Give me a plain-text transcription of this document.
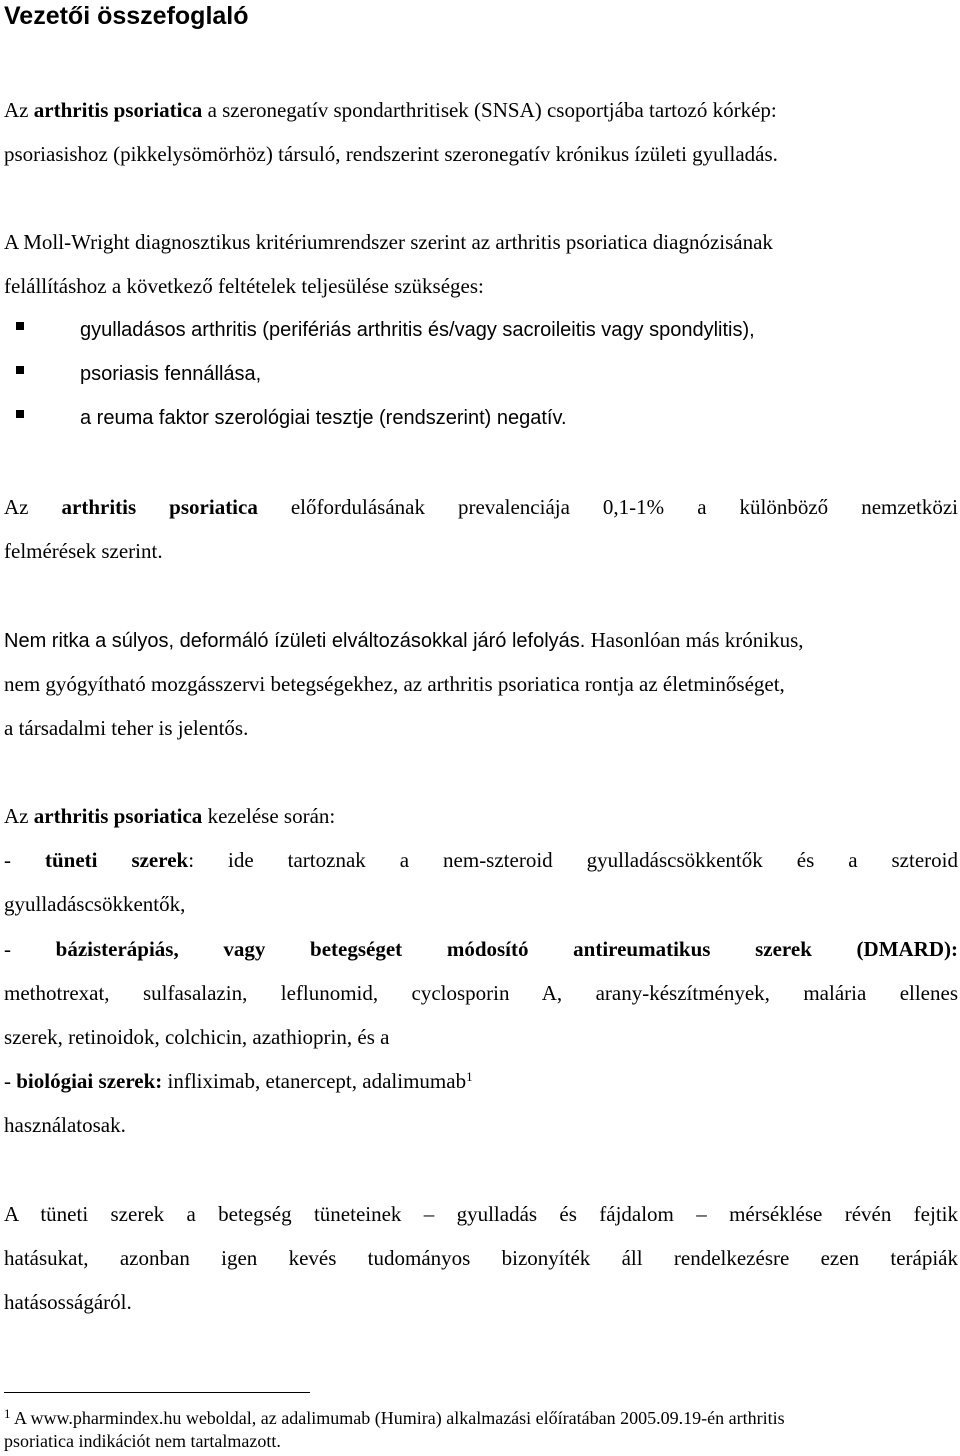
Vezetői összefoglaló
Az arthritis psoriatica a szeronegatív spondarthritisek (SNSA) csoportjába tartozó kórkép:
psoriasishoz (pikkelysömörhöz) társuló, rendszerint szeronegatív krónikus ízületi gyulladás.
A Moll-Wright diagnosztikus kritériumrendszer szerint az arthritis psoriatica diagnózisának
felállításhoz a következő feltételek teljesülése szükséges:
gyulladásos arthritis (perifériás arthritis és/vagy sacroileitis vagy spondylitis),
psoriasis fennállása,
a reuma faktor szerológiai tesztje (rendszerint) negatív.
Az arthritis psoriatica előfordulásának prevalenciája 0,1-1% a különböző nemzetközi
felmérések szerint.
Nem ritka a súlyos, deformáló ízületi elváltozásokkal járó lefolyás. Hasonlóan más krónikus,
nem gyógyítható mozgásszervi betegségekhez, az arthritis psoriatica rontja az életminőséget,
a társadalmi teher is jelentős.
Az arthritis psoriatica kezelése során:
- tüneti szerek: ide tartoznak a nem-szteroid gyulladáscsökkentők és a szteroid
gyulladáscsökkentők,
- bázisterápiás, vagy betegséget módosító antireumatikus szerek (DMARD):
methotrexat, sulfasalazin, leflunomid, cyclosporin A, arany-készítmények, malária ellenes
szerek, retinoidok, colchicin, azathioprin, és a
- biológiai szerek: infliximab, etanercept, adalimumab$^1$
használatosak.
A tüneti szerek a betegség tüneteinek – gyulladás és fájdalom – mérséklése révén fejtik
hatásukat, azonban igen kevés tudományos bizonyíték áll rendelkezésre ezen terápiák
hatásosságáról.
$^1$ A www.pharmindex.hu weboldal, az adalimumab (Humira) alkalmazási előíratában 2005.09.19-én arthritis
psoriatica indikációt nem tartalmazott.
